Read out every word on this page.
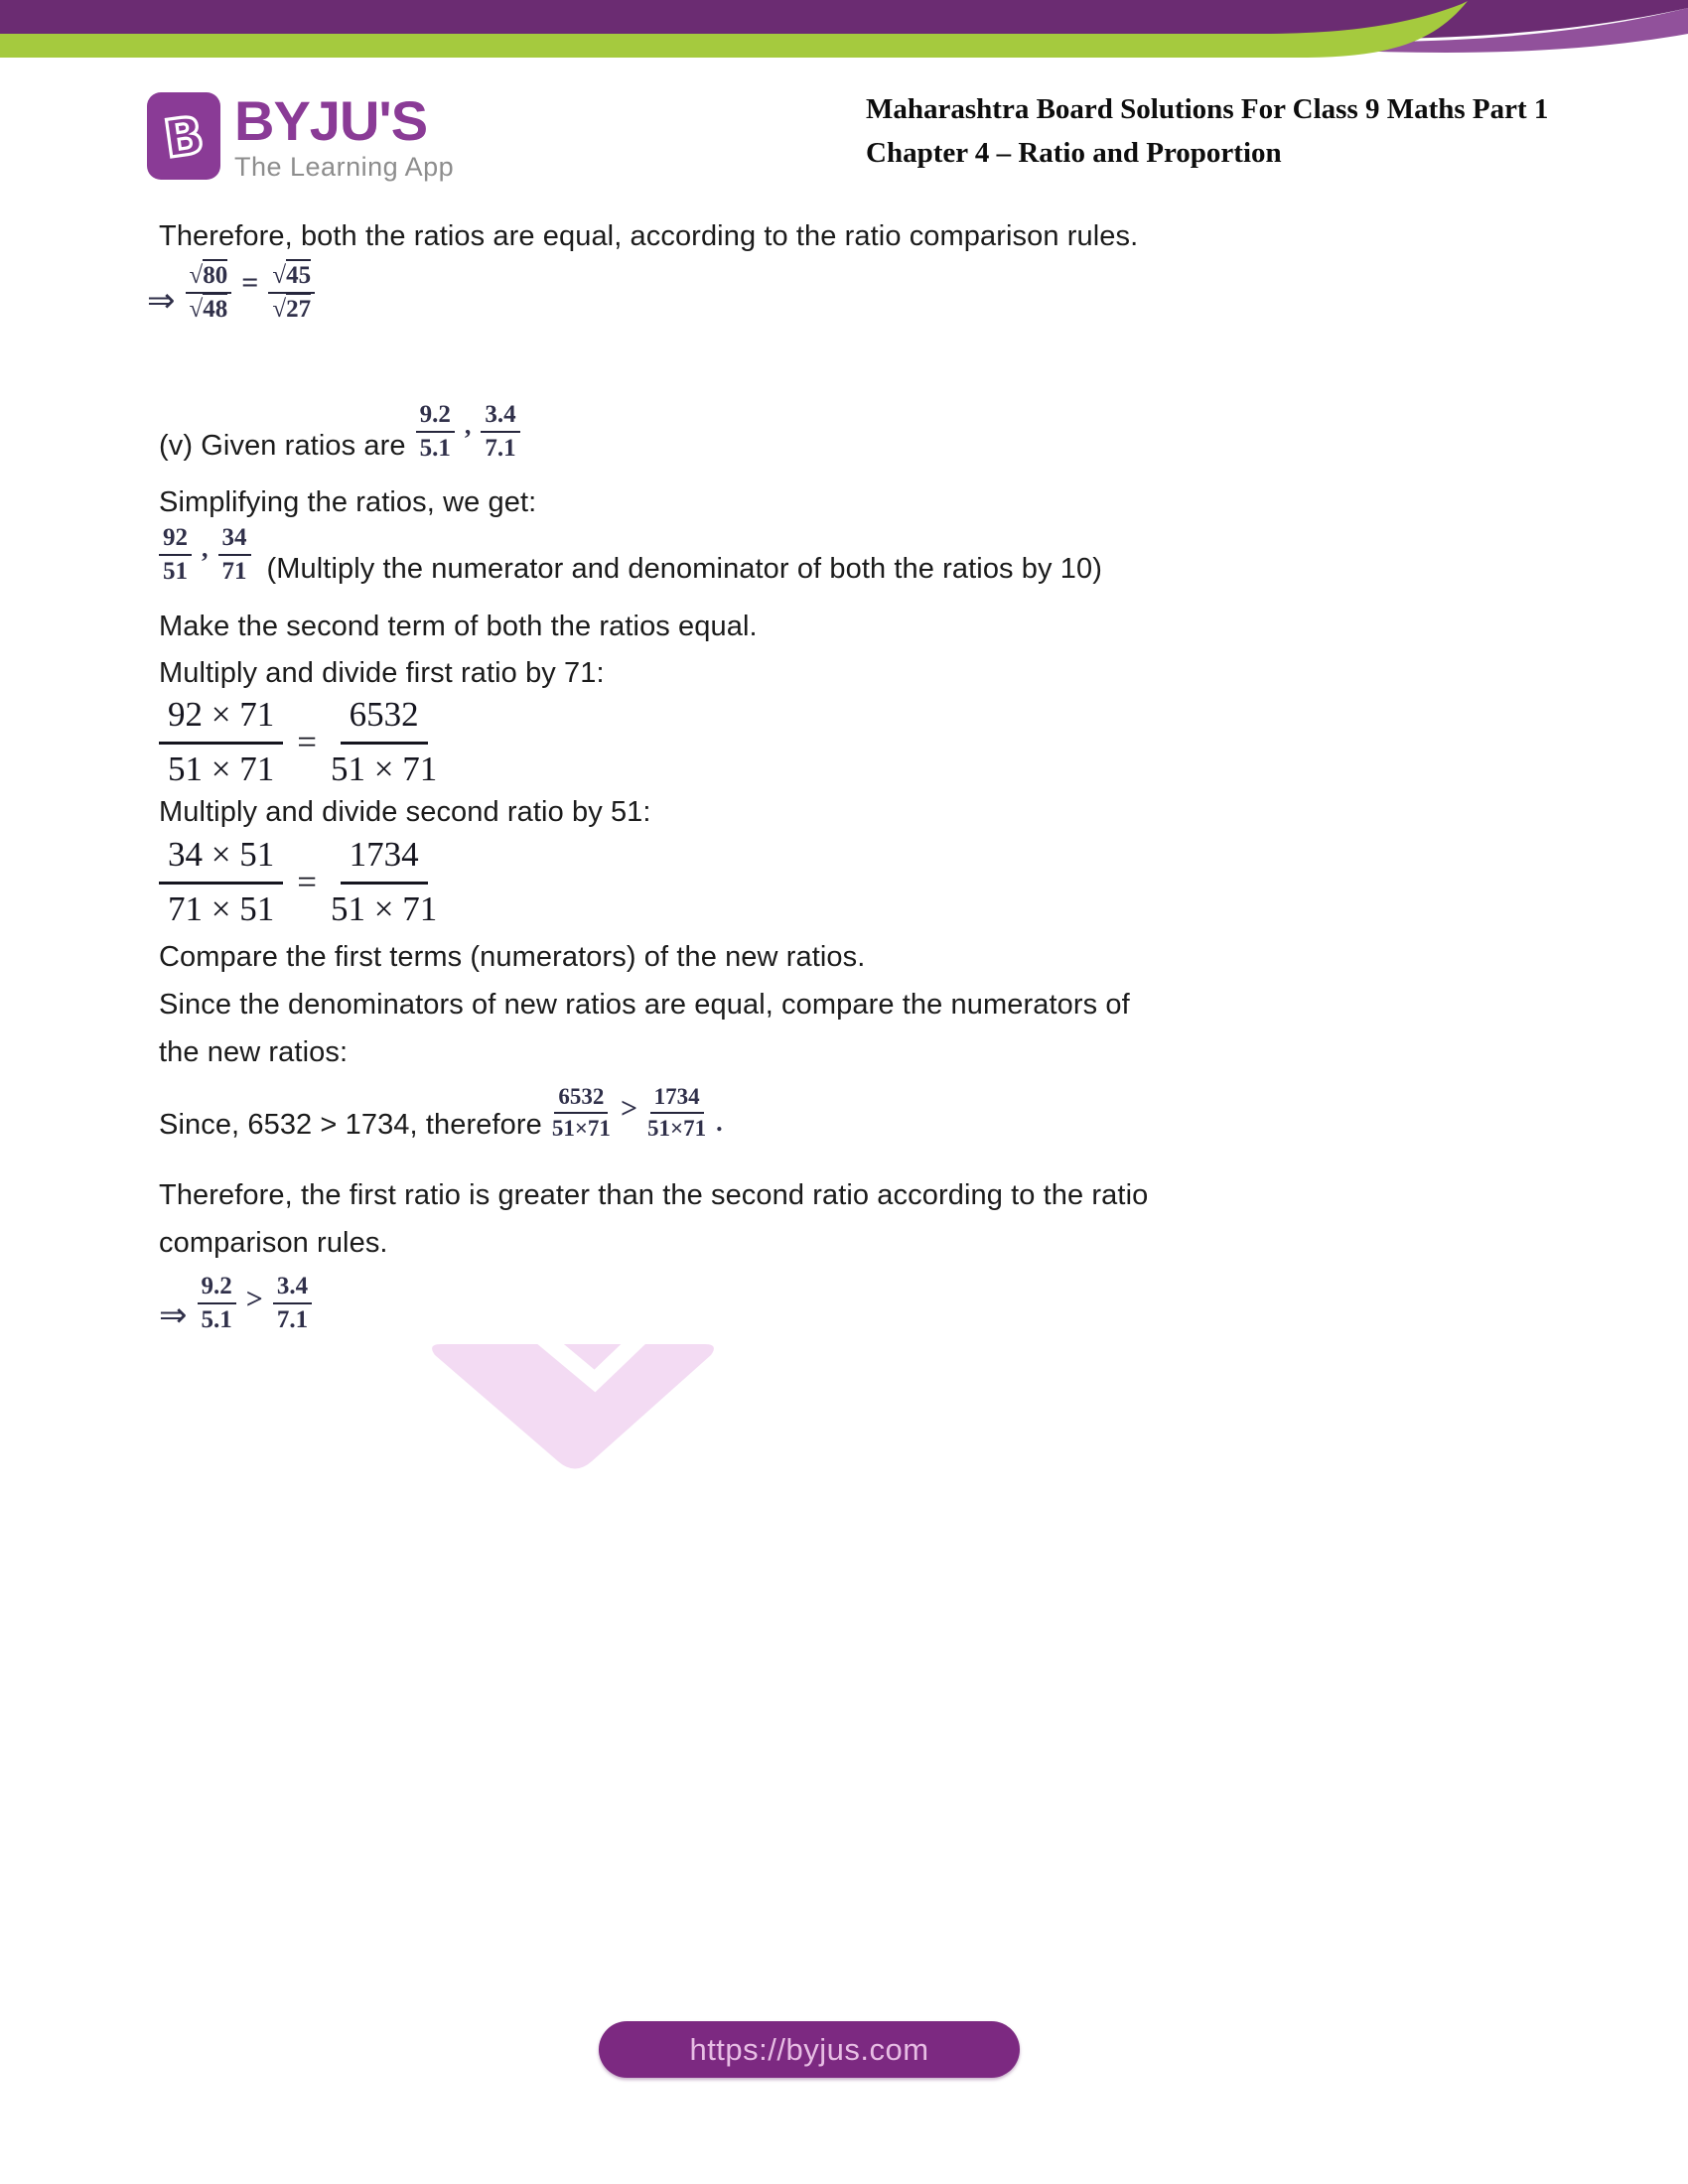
B BYJU'S
The Learning App
Maharashtra Board Solutions For Class 9 Maths Part 1
Chapter 4 – Ratio and Proportion
Therefore, both the ratios are equal, according to the ratio comparison rules.
⇒ $\frac{√80}{√48} = \frac{√45}{√27}$
(v) Given ratios are
9.2
5.1
, 3.4
7.1
Simplifying the ratios, we get:
92
51
, 34
71 (Multiply the numerator and denominator of both the ratios by 10)
Make the second term of both the ratios equal.
Multiply and divide first ratio by 71:
$\frac{92 \times 71}{51 \times 71} = \frac{6532}{51 \times 71}$
Multiply and divide second ratio by 51:
$\frac{34 \times 51}{71 \times 51} = \frac{1734}{51 \times 71}$
Compare the first terms (numerators) of the new ratios.
Since the denominators of new ratios are equal, compare the numerators of
the new ratios:
Since, 6532 > 1734, therefore
6532
51×71
> 1734
51×71 .
Therefore, the first ratio is greater than the second ratio according to the ratio
comparison rules.
⇒
9.2
5.1
> 3.4
7.1
https://byjus.com
